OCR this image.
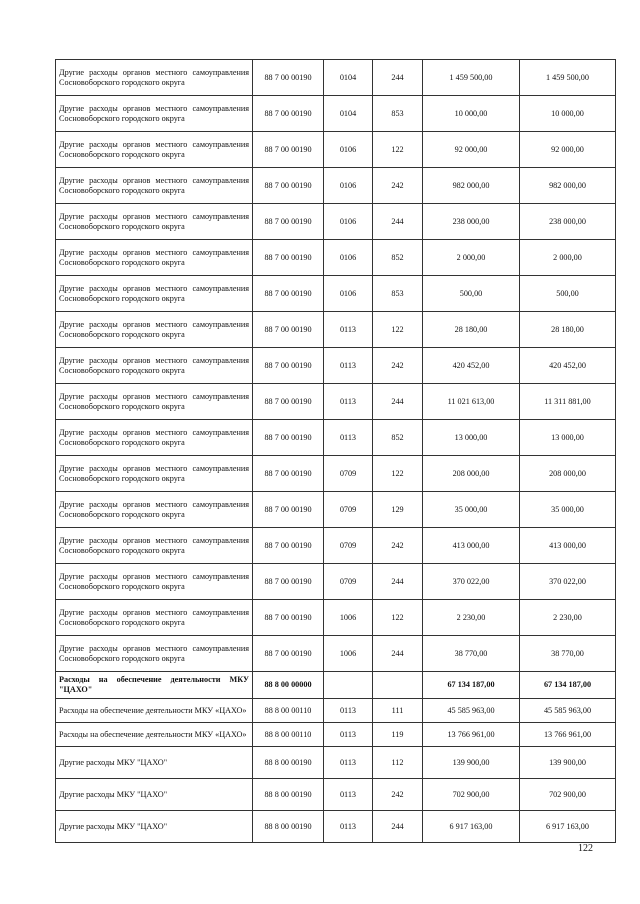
Другие расходы органов местного самоуправления Сосновоборского городского округа	88 7 00 00190	0104	244	1 459 500,00	1 459 500,00
Другие расходы органов местного самоуправления Сосновоборского городского округа	88 7 00 00190	0104	853	10 000,00	10 000,00
Другие расходы органов местного самоуправления Сосновоборского городского округа	88 7 00 00190	0106	122	92 000,00	92 000,00
Другие расходы органов местного самоуправления Сосновоборского городского округа	88 7 00 00190	0106	242	982 000,00	982 000,00
Другие расходы органов местного самоуправления Сосновоборского городского округа	88 7 00 00190	0106	244	238 000,00	238 000,00
Другие расходы органов местного самоуправления Сосновоборского городского округа	88 7 00 00190	0106	852	2 000,00	2 000,00
Другие расходы органов местного самоуправления Сосновоборского городского округа	88 7 00 00190	0106	853	500,00	500,00
Другие расходы органов местного самоуправления Сосновоборского городского округа	88 7 00 00190	0113	122	28 180,00	28 180,00
Другие расходы органов местного самоуправления Сосновоборского городского округа	88 7 00 00190	0113	242	420 452,00	420 452,00
Другие расходы органов местного самоуправления Сосновоборского городского округа	88 7 00 00190	0113	244	11 021 613,00	11 311 881,00
Другие расходы органов местного самоуправления Сосновоборского городского округа	88 7 00 00190	0113	852	13 000,00	13 000,00
Другие расходы органов местного самоуправления Сосновоборского городского округа	88 7 00 00190	0709	122	208 000,00	208 000,00
Другие расходы органов местного самоуправления Сосновоборского городского округа	88 7 00 00190	0709	129	35 000,00	35 000,00
Другие расходы органов местного самоуправления Сосновоборского городского округа	88 7 00 00190	0709	242	413 000,00	413 000,00
Другие расходы органов местного самоуправления Сосновоборского городского округа	88 7 00 00190	0709	244	370 022,00	370 022,00
Другие расходы органов местного самоуправления Сосновоборского городского округа	88 7 00 00190	1006	122	2 230,00	2 230,00
Другие расходы органов местного самоуправления Сосновоборского городского округа	88 7 00 00190	1006	244	38 770,00	38 770,00
Расходы на обеспечение деятельности МКУ "ЦАХО"	88 8 00 00000			67 134 187,00	67 134 187,00
Расходы на обеспечение деятельности МКУ «ЦАХО»	88 8 00 00110	0113	111	45 585 963,00	45 585 963,00
Расходы на обеспечение деятельности МКУ «ЦАХО»	88 8 00 00110	0113	119	13 766 961,00	13 766 961,00
Другие расходы МКУ "ЦАХО"	88 8 00 00190	0113	112	139 900,00	139 900,00
Другие расходы МКУ "ЦАХО"	88 8 00 00190	0113	242	702 900,00	702 900,00
Другие расходы МКУ "ЦАХО"	88 8 00 00190	0113	244	6 917 163,00	6 917 163,00
122
